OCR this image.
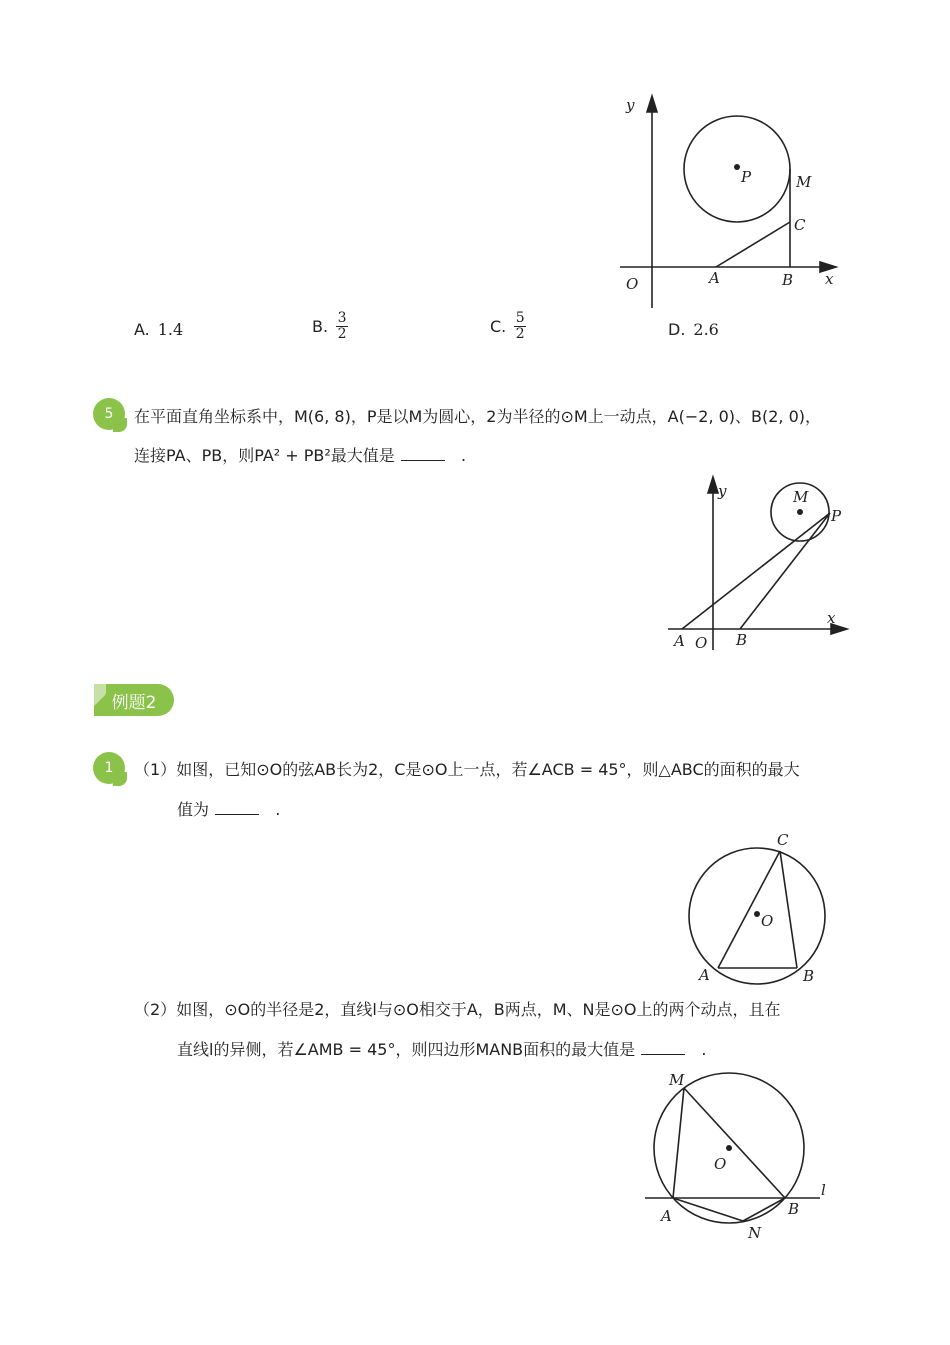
y
x
O	A	B
C
M
P
A. 1.4	B. $\frac{3}{2}$	C. $\frac{5}{2}$	D. 2.6
5 在平面直角坐标系中，M(6, 8)，P是以M为圆心，2为半径的⊙M上一动点，A(−2, 0)、B(2, 0)，
连接PA、PB，则PA² + PB²最大值是	.
y
x
O
A	B
M
P
例题2
1 （1）如图，已知⊙O的弦AB长为2，C是⊙O上一点，若∠ACB = 45°，则△ABC的面积的最大
值为	.
C
O
A	B
（2）如图，⊙O的半径是2，直线l与⊙O相交于A，B两点，M、N是⊙O上的两个动点，且在
直线l的异侧，若∠AMB = 45°，则四边形MANB面积的最大值是	.
M
O
l
A	B
N
